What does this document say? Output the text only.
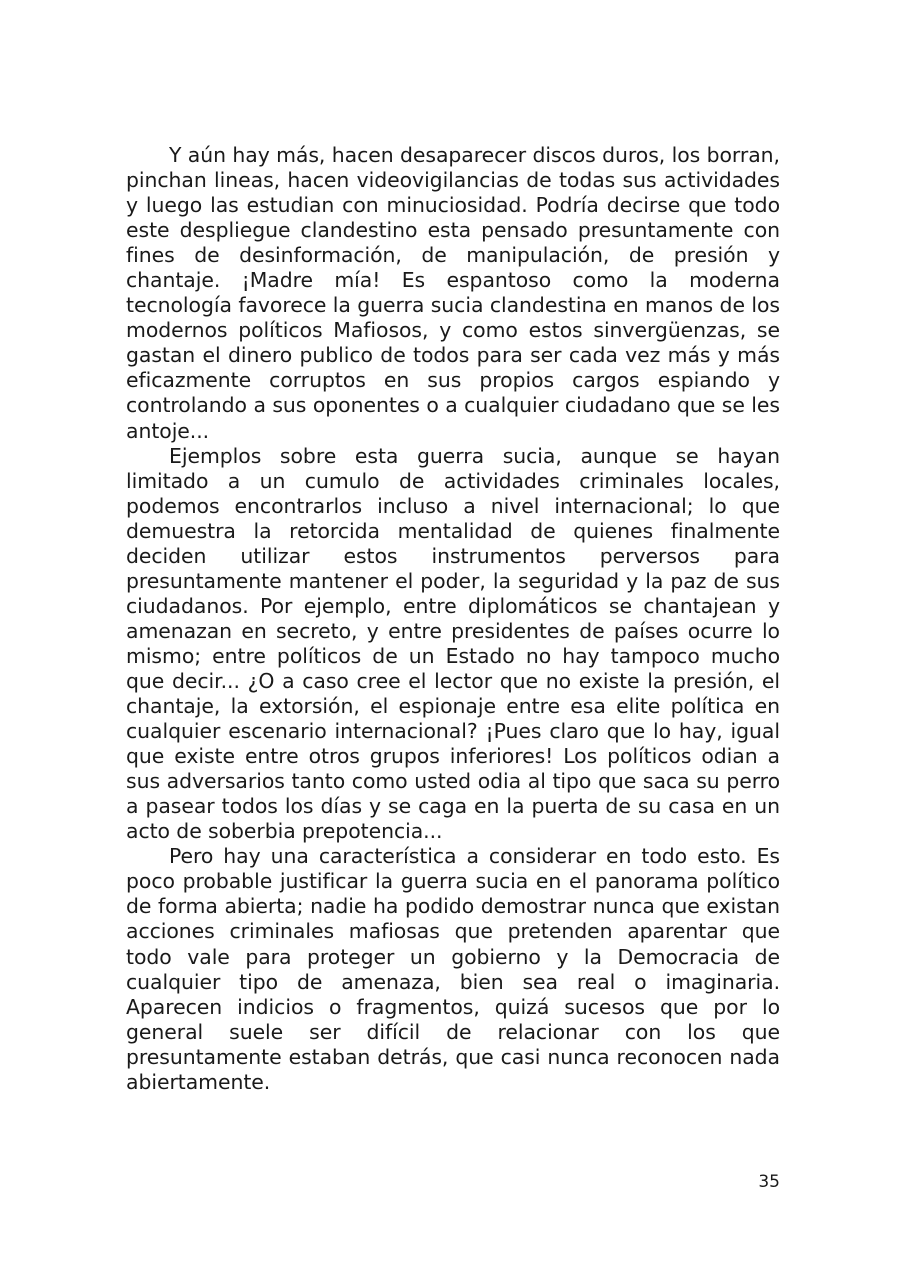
Y aún hay más, hacen desaparecer discos duros, los borran, pinchan lineas, hacen videovigilancias de todas sus actividades y luego las estudian con minuciosidad. Podría decirse que todo este despliegue clandestino esta pensado presuntamente con fines de desinformación, de manipulación, de presión y chantaje. ¡Madre mía! Es espantoso como la moderna tecnología favorece la guerra sucia clandestina en manos de los modernos políticos Mafiosos, y como estos sinvergüenzas, se gastan el dinero publico de todos para ser cada vez más y más eficazmente corruptos en sus propios cargos espiando y controlando a sus oponentes o a cualquier ciudadano que se les antoje...

Ejemplos sobre esta guerra sucia, aunque se hayan limitado a un cumulo de actividades criminales locales, podemos encontrarlos incluso a nivel internacional; lo que demuestra la retorcida mentalidad de quienes finalmente deciden utilizar estos instrumentos perversos para presuntamente mantener el poder, la seguridad y la paz de sus ciudadanos. Por ejemplo, entre diplomáticos se chantajean y amenazan en secreto, y entre presidentes de países ocurre lo mismo; entre políticos de un Estado no hay tampoco mucho que decir... ¿O a caso cree el lector que no existe la presión, el chantaje, la extorsión, el espionaje entre esa elite política en cualquier escenario internacional? ¡Pues claro que lo hay, igual que existe entre otros grupos inferiores! Los políticos odian a sus adversarios tanto como usted odia al tipo que saca su perro a pasear todos los días y se caga en la puerta de su casa en un acto de soberbia prepotencia...

Pero hay una característica a considerar en todo esto. Es poco probable justificar la guerra sucia en el panorama político de forma abierta; nadie ha podido demostrar nunca que existan acciones criminales mafiosas que pretenden aparentar que todo vale para proteger un gobierno y la Democracia de cualquier tipo de amenaza, bien sea real o imaginaria. Aparecen indicios o fragmentos, quizá sucesos que por lo general suele ser difícil de relacionar con los que presuntamente estaban detrás, que casi nunca reconocen nada abiertamente.

35
